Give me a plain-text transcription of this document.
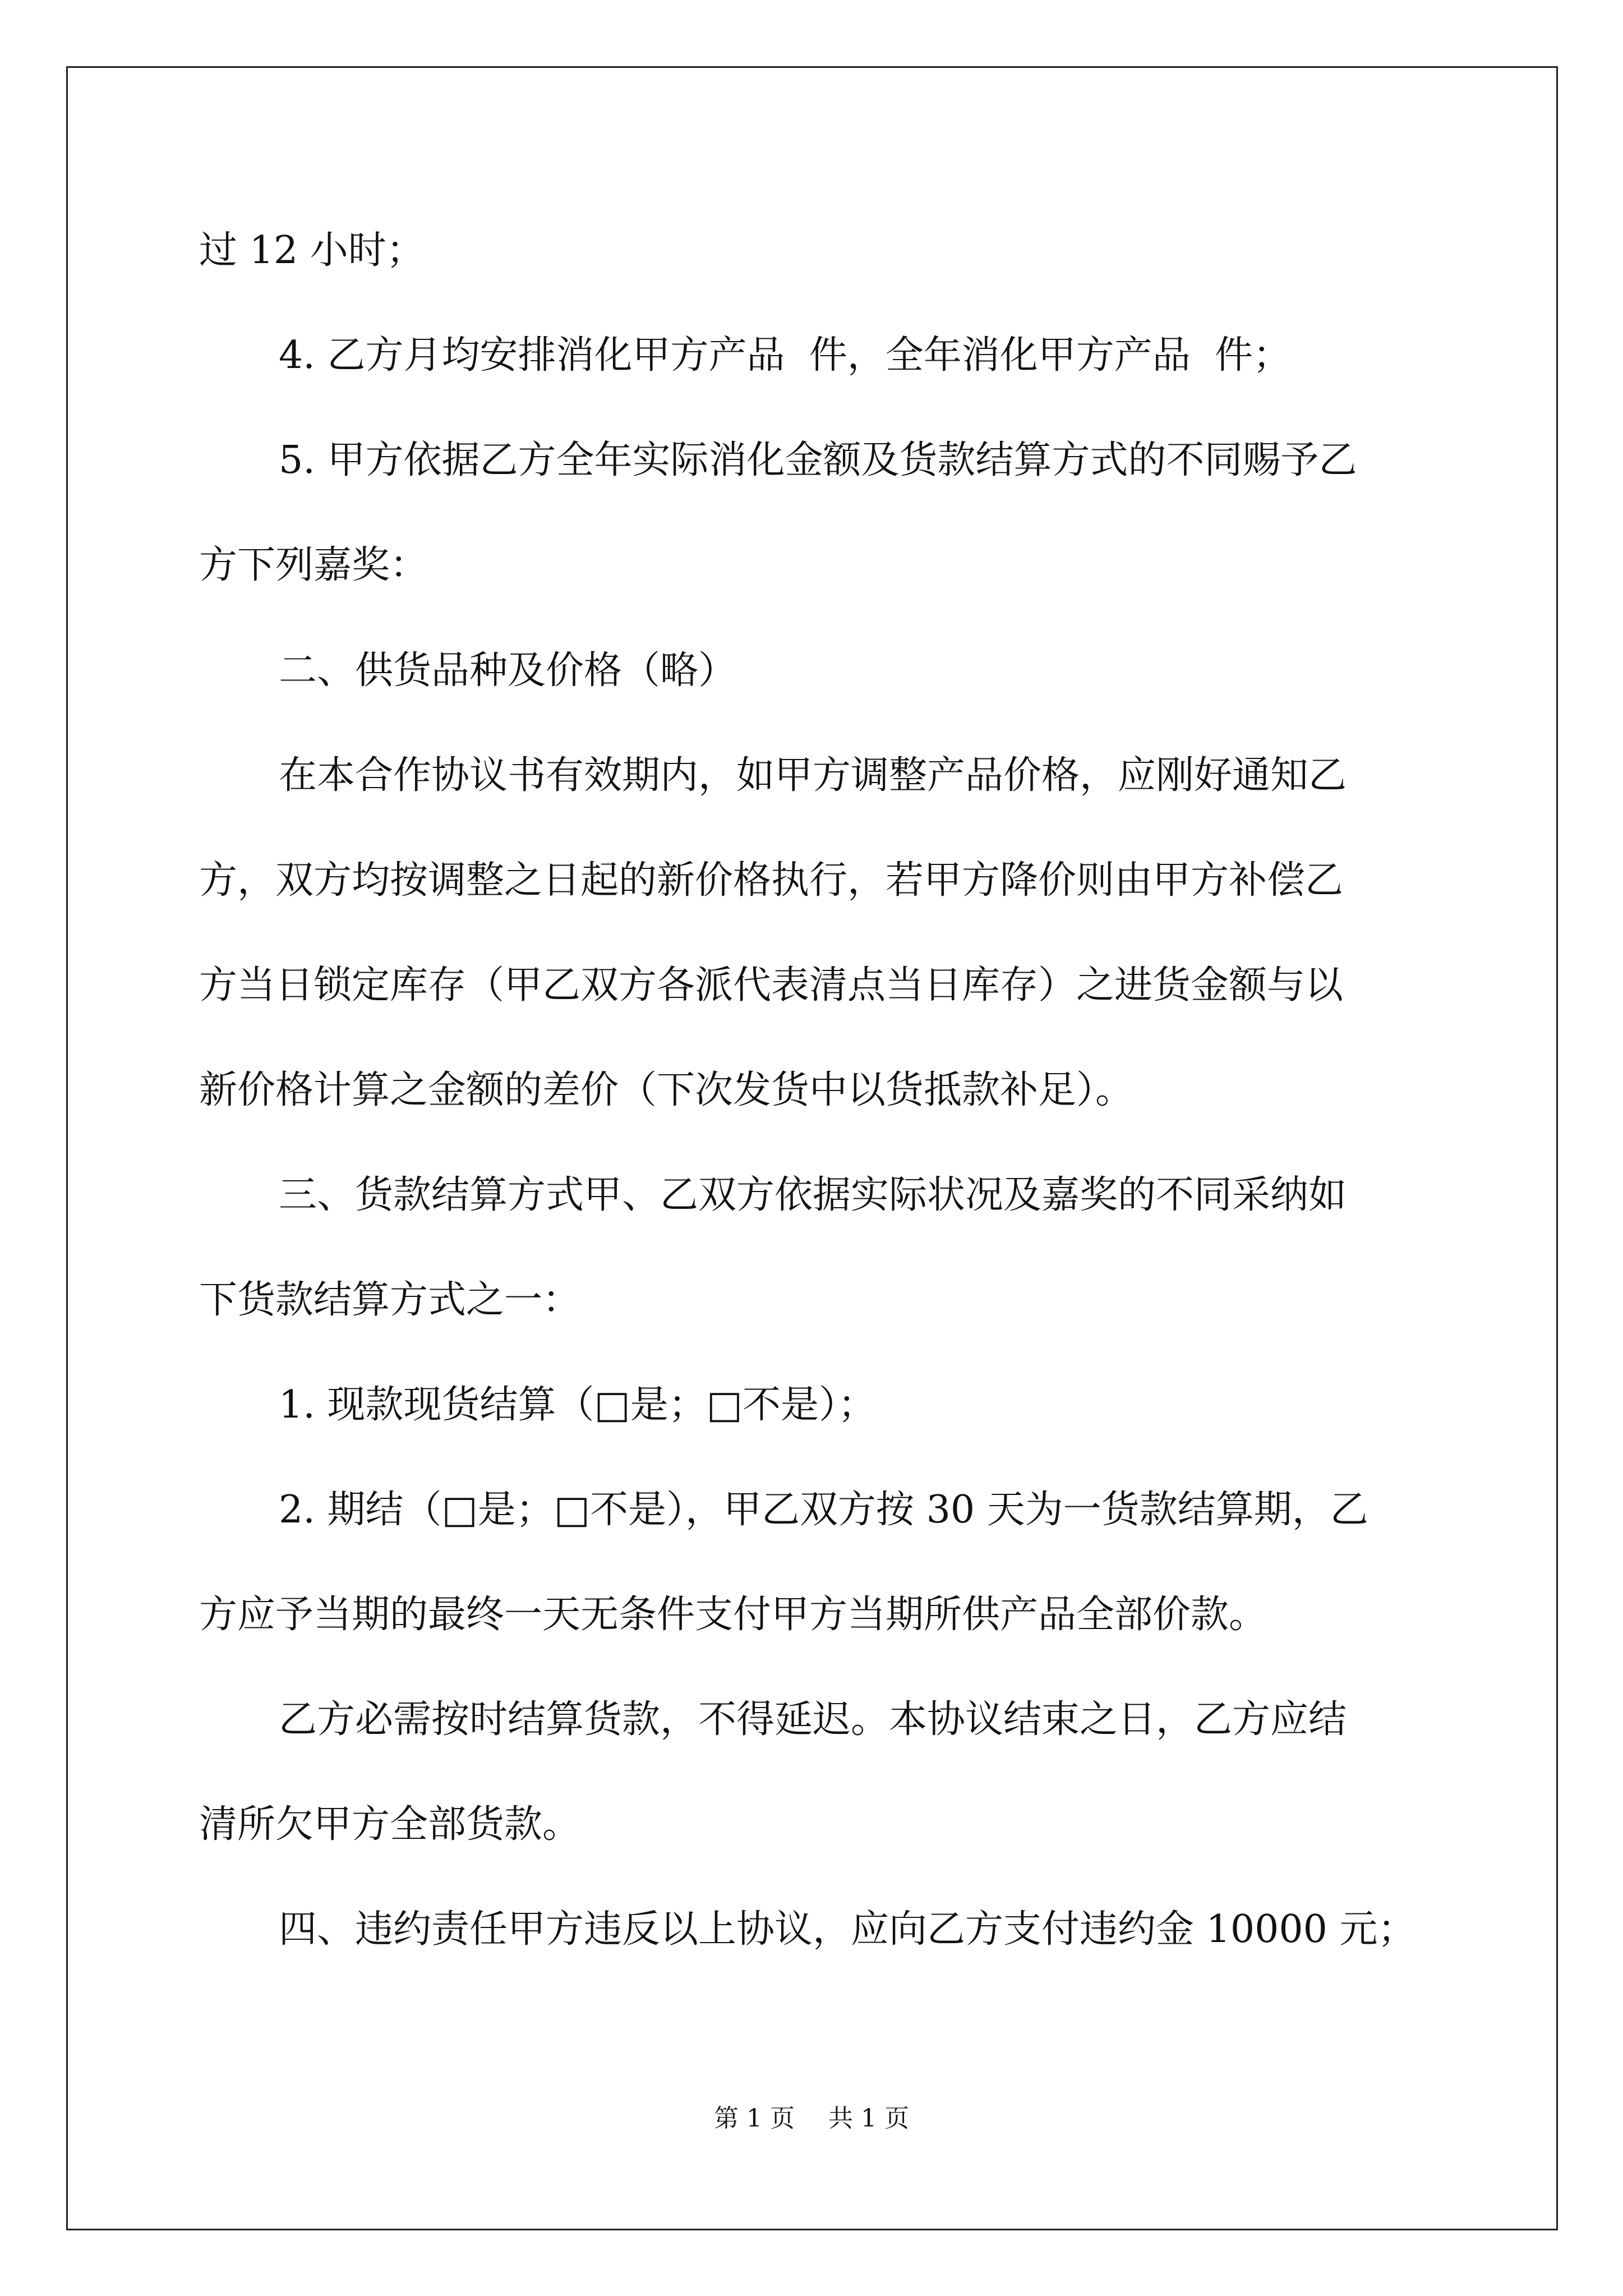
过 12 小时；
4. 乙方月均安排消化甲方产品  件，全年消化甲方产品  件；
5. 甲方依据乙方全年实际消化金额及货款结算方式的不同赐予乙
方下列嘉奖：
二、供货品种及价格（略）
在本合作协议书有效期内，如甲方调整产品价格，应刚好通知乙
方，双方均按调整之日起的新价格执行，若甲方降价则由甲方补偿乙
方当日锁定库存（甲乙双方各派代表清点当日库存）之进货金额与以
新价格计算之金额的差价（下次发货中以货抵款补足）。
三、货款结算方式甲、乙双方依据实际状况及嘉奖的不同采纳如
下货款结算方式之一：
1. 现款现货结算（□是；□不是）；
2. 期结（□是；□不是），甲乙双方按 30 天为一货款结算期，乙
方应予当期的最终一天无条件支付甲方当期所供产品全部价款。
乙方必需按时结算货款，不得延迟。本协议结束之日，乙方应结
清所欠甲方全部货款。
四、违约责任甲方违反以上协议，应向乙方支付违约金 10000 元；
第 1 页 共 1 页
